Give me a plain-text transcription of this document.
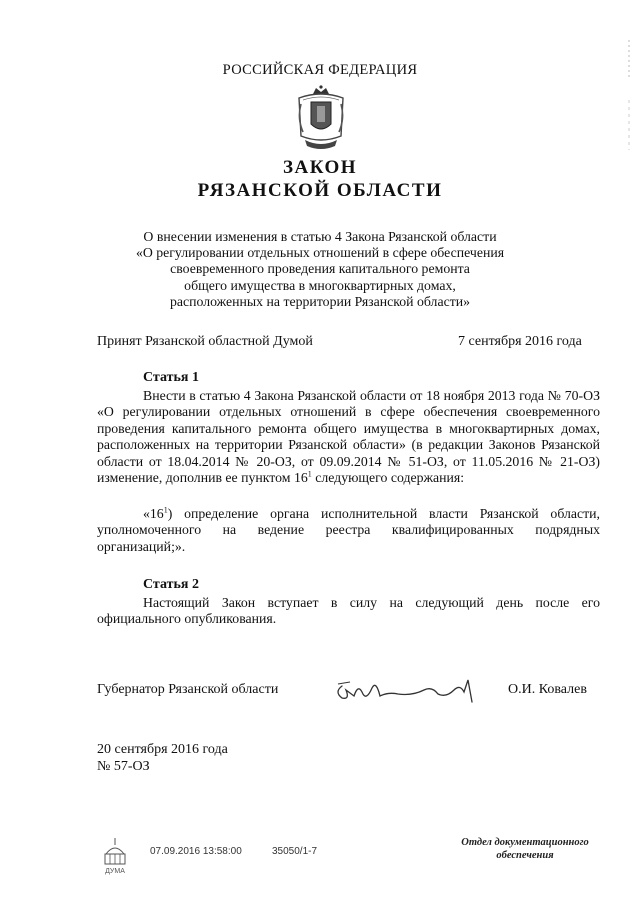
РОССИЙСКАЯ ФЕДЕРАЦИЯ
ЗАКОН
РЯЗАНСКОЙ ОБЛАСТИ
О внесении изменения в статью 4 Закона Рязанской области
«О регулировании отдельных отношений в сфере обеспечения
своевременного проведения капитального ремонта
общего имущества в многоквартирных домах,
расположенных на территории Рязанской области»
Принят Рязанской областной Думой	7 сентября 2016 года
Статья 1
Внести в статью 4 Закона Рязанской области от 18 ноября 2013 года № 70-ОЗ «О регулировании отдельных отношений в сфере обеспечения своевременного проведения капитального ремонта общего имущества в многоквартирных домах, расположенных на территории Рязанской области» (в редакции Законов Рязанской области от 18.04.2014 № 20-ОЗ, от 09.09.2014 № 51-ОЗ, от 11.05.2016 № 21-ОЗ) изменение, дополнив ее пунктом $16^1$ следующего содержания:
«$16^1$) определение органа исполнительной власти Рязанской области, уполномоченного на ведение реестра квалифицированных подрядных организаций;».
Статья 2
Настоящий Закон вступает в силу на следующий день после его официального опубликования.
Губернатор Рязанской области	О.И. Ковалев
20 сентября 2016 года
№ 57-ОЗ
ДУМА
07.09.2016 13:58:00	35050/1-7
Отдел документационного
обеспечения
